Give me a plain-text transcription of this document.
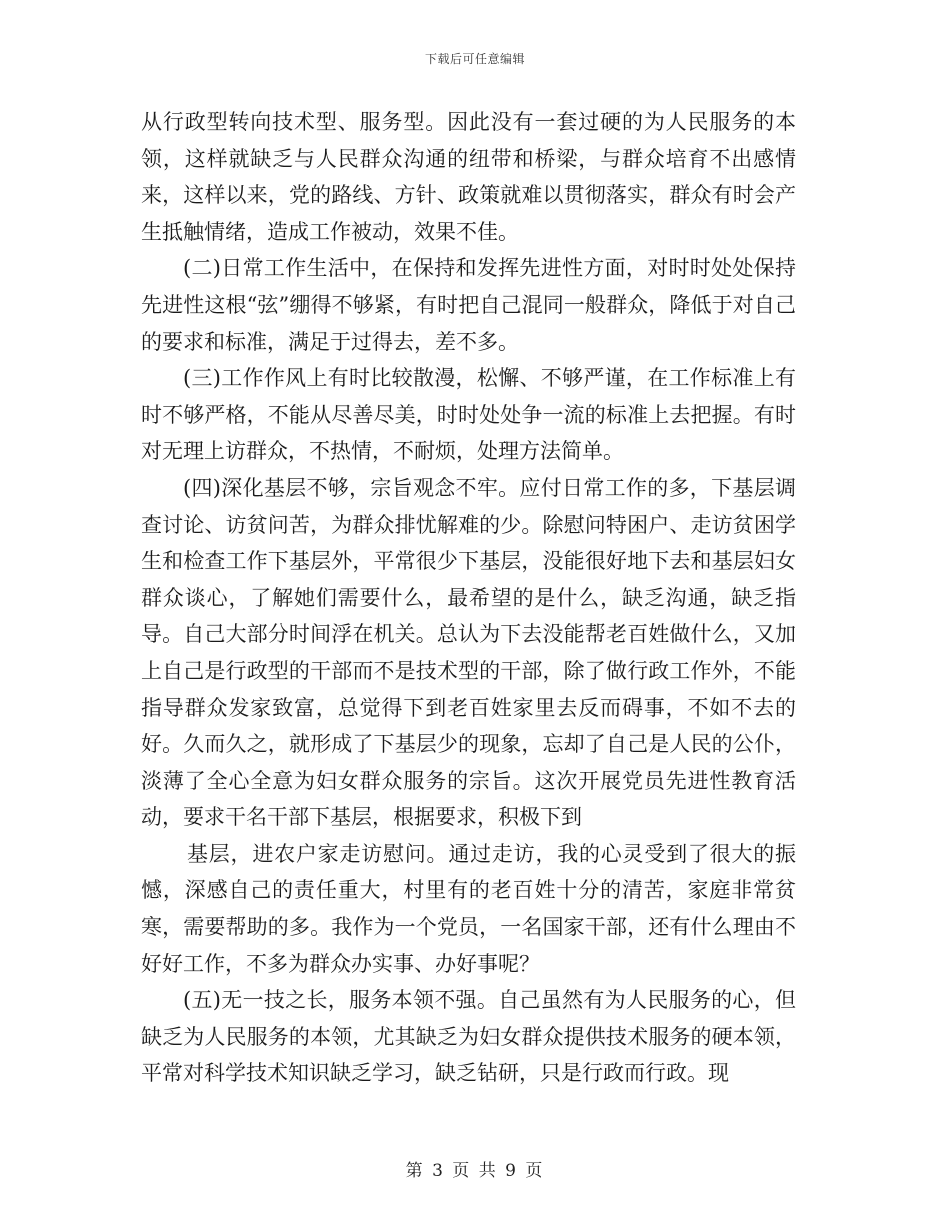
下载后可任意编辑

从行政型转向技术型、服务型。因此没有一套过硬的为人民服务的本领，这样就缺乏与人民群众沟通的纽带和桥梁，与群众培育不出感情来，这样以来，党的路线、方针、政策就难以贯彻落实，群众有时会产生抵触情绪，造成工作被动，效果不佳。

(二)日常工作生活中，在保持和发挥先进性方面，对时时处处保持先进性这根“弦”绷得不够紧，有时把自己混同一般群众，降低于对自己的要求和标准，满足于过得去，差不多。

(三)工作作风上有时比较散漫，松懈、不够严谨，在工作标准上有时不够严格，不能从尽善尽美，时时处处争一流的标准上去把握。有时对无理上访群众，不热情，不耐烦，处理方法简单。

(四)深化基层不够，宗旨观念不牢。应付日常工作的多，下基层调查讨论、访贫问苦，为群众排忧解难的少。除慰问特困户、走访贫困学生和检查工作下基层外，平常很少下基层，没能很好地下去和基层妇女群众谈心，了解她们需要什么，最希望的是什么，缺乏沟通，缺乏指导。自己大部分时间浮在机关。总认为下去没能帮老百姓做什么，又加上自己是行政型的干部而不是技术型的干部，除了做行政工作外，不能指导群众发家致富，总觉得下到老百姓家里去反而碍事，不如不去的好。久而久之，就形成了下基层少的现象，忘却了自己是人民的公仆，淡薄了全心全意为妇女群众服务的宗旨。这次开展党员先进性教育活动，要求干名干部下基层，根据要求，积极下到

基层，进农户家走访慰问。通过走访，我的心灵受到了很大的振憾，深感自己的责任重大，村里有的老百姓十分的清苦，家庭非常贫寒，需要帮助的多。我作为一个党员，一名国家干部，还有什么理由不好好工作，不多为群众办实事、办好事呢？

(五)无一技之长，服务本领不强。自己虽然有为人民服务的心，但缺乏为人民服务的本领，尤其缺乏为妇女群众提供技术服务的硬本领，平常对科学技术知识缺乏学习，缺乏钻研，只是行政而行政。现

第 3 页 共 9 页
